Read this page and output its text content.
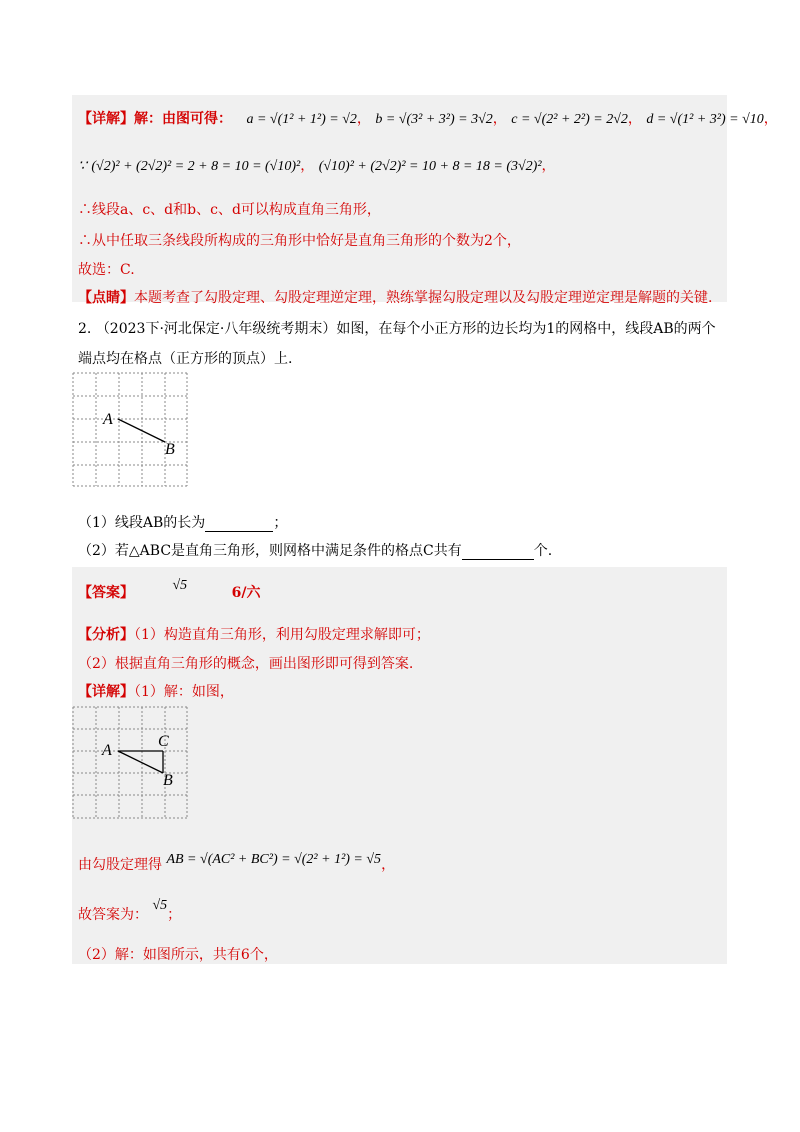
【详解】解：由图可得： a = √(1² + 1²) = √2， b = √(3² + 3²) = 3√2， c = √(2² + 2²) = 2√2， d = √(1² + 3²) = √10，
∵ (√2)² + (2√2)² = 2 + 8 = 10 = (√10)²， (√10)² + (2√2)² = 10 + 8 = 18 = (3√2)²，
∴线段a、c、d和b、c、d可以构成直角三角形，
∴从中任取三条线段所构成的三角形中恰好是直角三角形的个数为2个，
故选：C.
【点睛】本题考查了勾股定理、勾股定理逆定理，熟练掌握勾股定理以及勾股定理逆定理是解题的关键.
2. （2023下·河北保定·八年级统考期末）如图，在每个小正方形的边长均为1的网格中，线段AB的两个
端点均在格点（正方形的顶点）上.
A
B
（1）线段AB的长为	；
（2）若△ABC是直角三角形，则网格中满足条件的格点C共有	个.
【答案】	√5	6/六
【分析】（1）构造直角三角形，利用勾股定理求解即可；
（2）根据直角三角形的概念，画出图形即可得到答案.
【详解】（1）解：如图，
A
C
B
由勾股定理得 AB = √(AC² + BC²) = √(2² + 1²) = √5，
故答案为： √5；
（2）解：如图所示，共有6个，
